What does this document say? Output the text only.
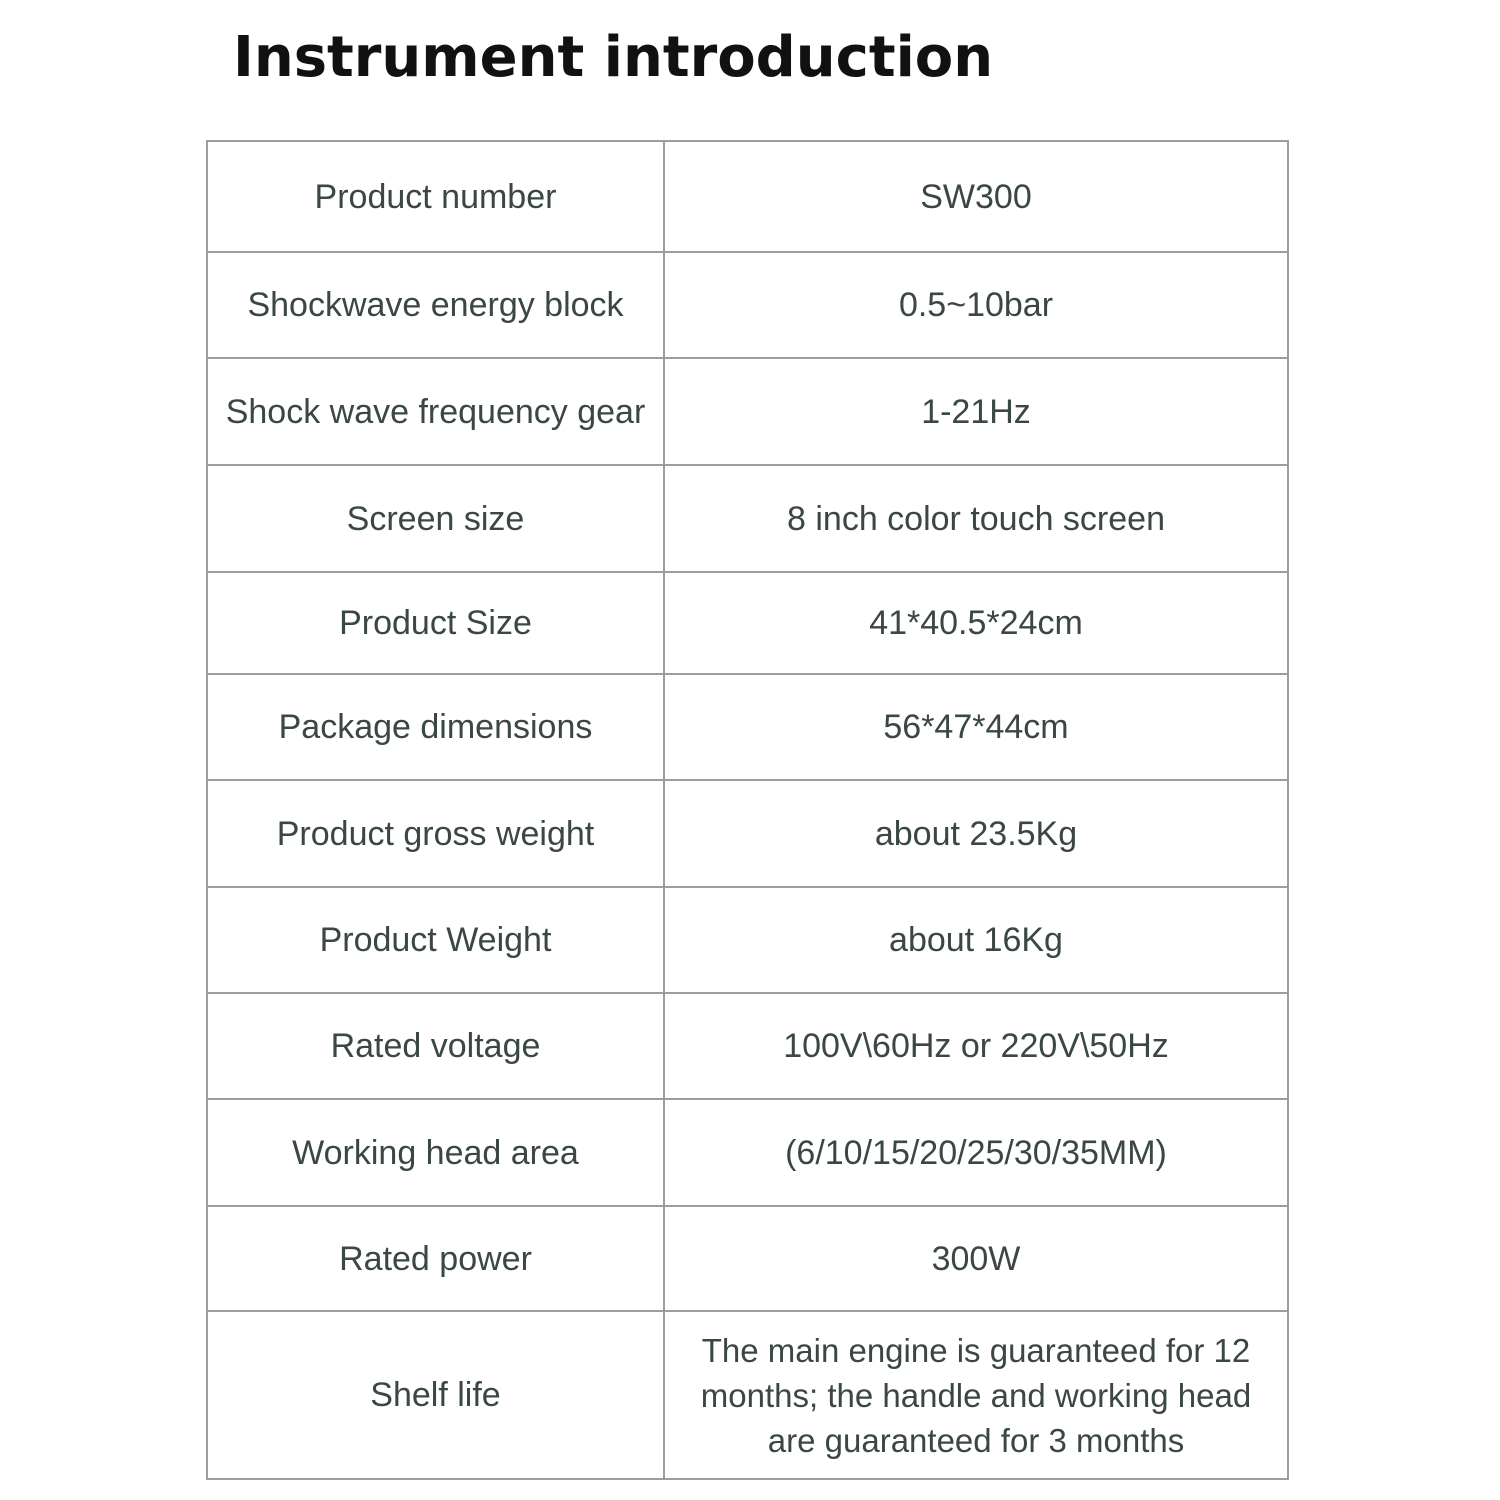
Instrument introduction
Product number	SW300
Shockwave energy block	0.5~10bar
Shock wave frequency gear	1-21Hz
Screen size	8 inch color touch screen
Product Size	41*40.5*24cm
Package dimensions	56*47*44cm
Product gross weight	about 23.5Kg
Product Weight	about 16Kg
Rated voltage	100V\60Hz or 220V\50Hz
Working head area	(6/10/15/20/25/30/35MM)
Rated power	300W
Shelf life	The main engine is guaranteed for 12
months; the handle and working head
are guaranteed for 3 months
